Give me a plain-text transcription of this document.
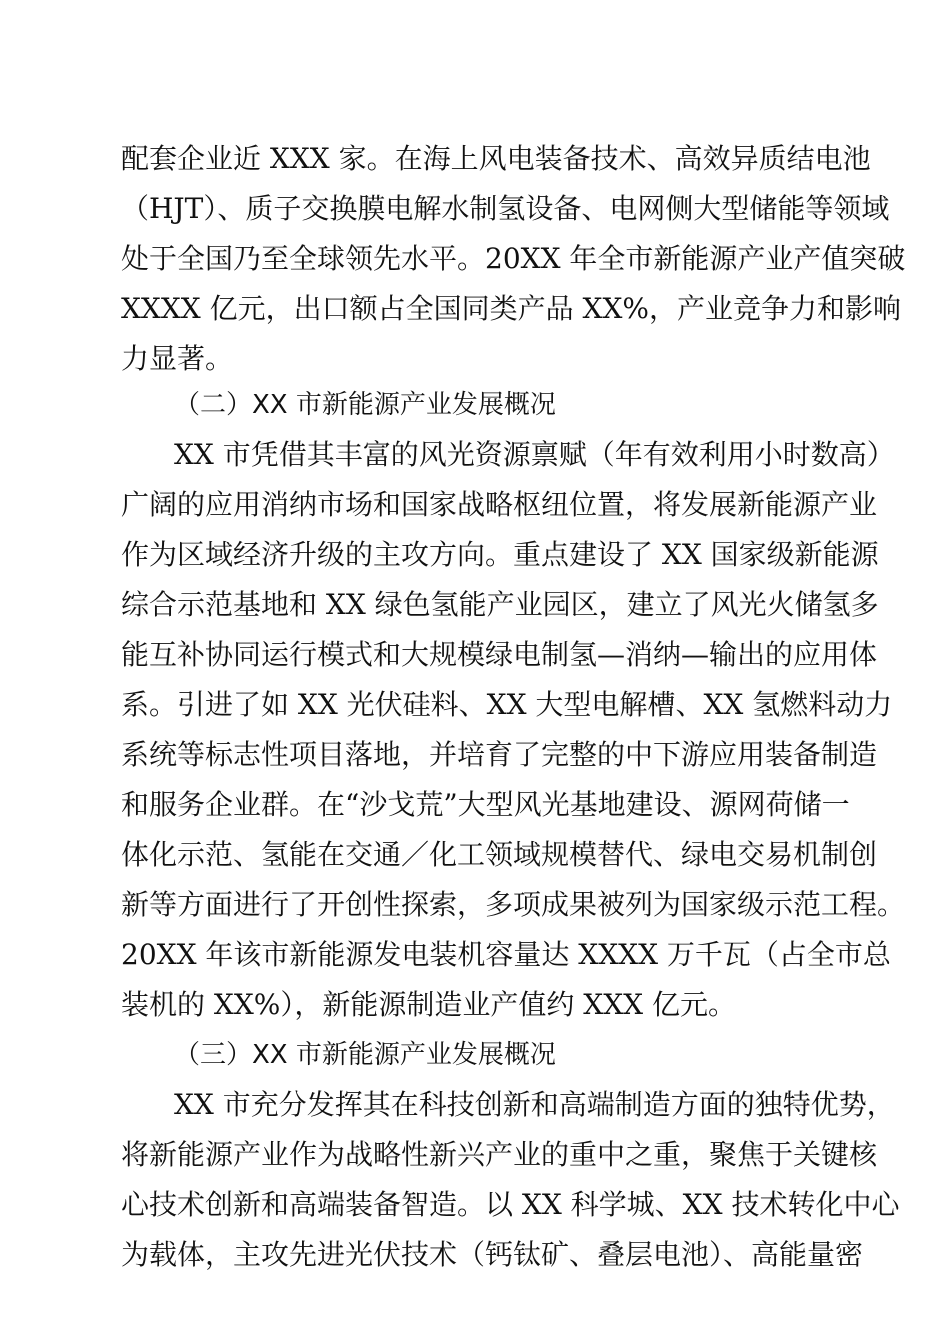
配套企业近 XXX 家。在海上风电装备技术、高效异质结电池
（HJT）、质子交换膜电解水制氢设备、电网侧大型储能等领域
处于全国乃至全球领先水平。20XX 年全市新能源产业产值突破
XXXX 亿元，出口额占全国同类产品 XX%，产业竞争力和影响
力显著。
（二）XX 市新能源产业发展概况
XX 市凭借其丰富的风光资源禀赋（年有效利用小时数高）
广阔的应用消纳市场和国家战略枢纽位置，将发展新能源产业
作为区域经济升级的主攻方向。重点建设了 XX 国家级新能源
综合示范基地和 XX 绿色氢能产业园区，建立了风光火储氢多
能互补协同运行模式和大规模绿电制氢—消纳—输出的应用体
系。引进了如 XX 光伏硅料、XX 大型电解槽、XX 氢燃料动力
系统等标志性项目落地，并培育了完整的中下游应用装备制造
和服务企业群。在“沙戈荒”大型风光基地建设、源网荷储一
体化示范、氢能在交通／化工领域规模替代、绿电交易机制创
新等方面进行了开创性探索，多项成果被列为国家级示范工程。
20XX 年该市新能源发电装机容量达 XXXX 万千瓦（占全市总
装机的 XX%），新能源制造业产值约 XXX 亿元。
（三）XX 市新能源产业发展概况
XX 市充分发挥其在科技创新和高端制造方面的独特优势，
将新能源产业作为战略性新兴产业的重中之重，聚焦于关键核
心技术创新和高端装备智造。以 XX 科学城、XX 技术转化中心
为载体，主攻先进光伏技术（钙钛矿、叠层电池）、高能量密
